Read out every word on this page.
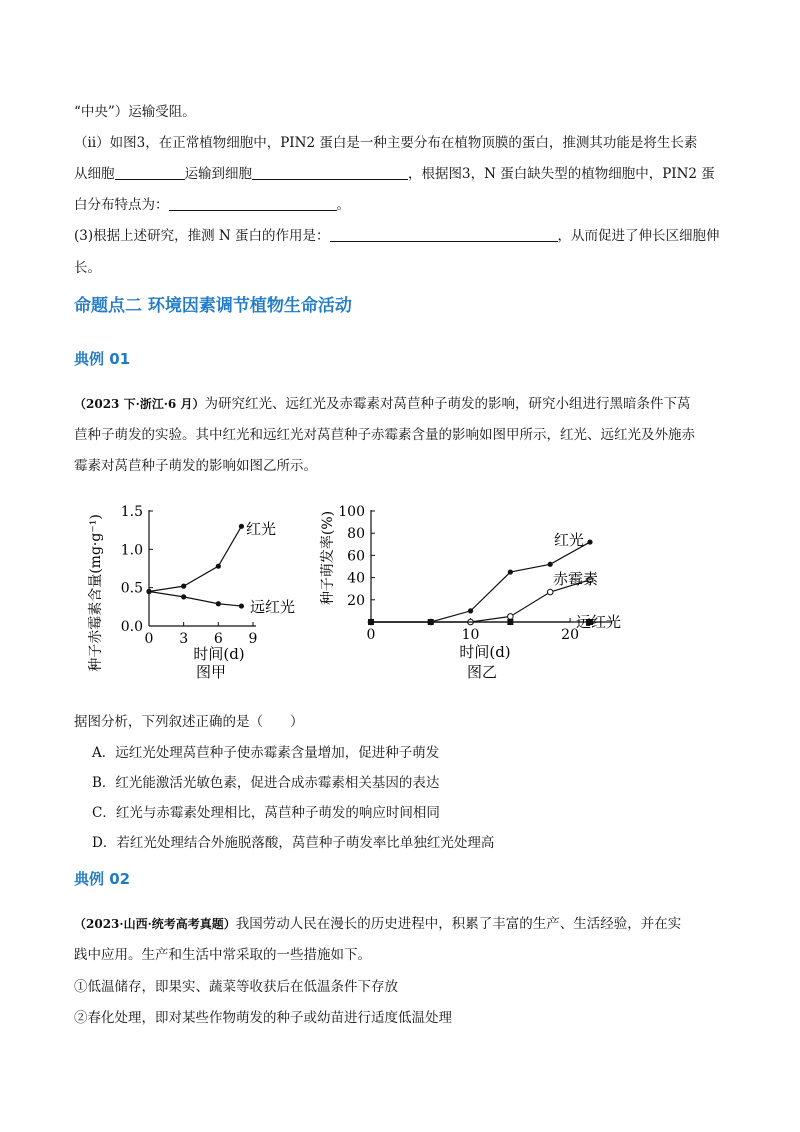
“中央”）运输受阻。
（ⅱ）如图3，在正常植物细胞中，PIN2 蛋白是一种主要分布在植物顶膜的蛋白，推测其功能是将生长素
从细胞	运输到细胞	，根据图3，N 蛋白缺失型的植物细胞中，PIN2 蛋
白分布特点为：	。
(3)根据上述研究，推测 N 蛋白的作用是：	，从而促进了伸长区细胞伸
长。
命题点二 环境因素调节植物生命活动
典例 01
（2023 下·浙江·6 月）为研究红光、远红光及赤霉素对莴苣种子萌发的影响，研究小组进行黑暗条件下莴
苣种子萌发的实验。其中红光和远红光对莴苣种子赤霉素含量的影响如图甲所示，红光、远红光及外施赤
霉素对莴苣种子萌发的影响如图乙所示。
种子赤霉素含量(mg·g⁻¹)	0 3 6 9
0.0
0.5
1.0
1.5
红光
远红光
时间(d)
图甲
种子萌发率(%)
0	10	20
20
40
60
80
100
红光
赤霉素
远红光
时间(d)
图乙
据图分析，下列叙述正确的是（　　）
A．远红光处理莴苣种子使赤霉素含量增加，促进种子萌发
B．红光能激活光敏色素，促进合成赤霉素相关基因的表达
C．红光与赤霉素处理相比，莴苣种子萌发的响应时间相同
D．若红光处理结合外施脱落酸，莴苣种子萌发率比单独红光处理高
典例 02
（2023·山西·统考高考真题）我国劳动人民在漫长的历史进程中，积累了丰富的生产、生活经验，并在实
践中应用。生产和生活中常采取的一些措施如下。
①低温储存，即果实、蔬菜等收获后在低温条件下存放
②春化处理，即对某些作物萌发的种子或幼苗进行适度低温处理
